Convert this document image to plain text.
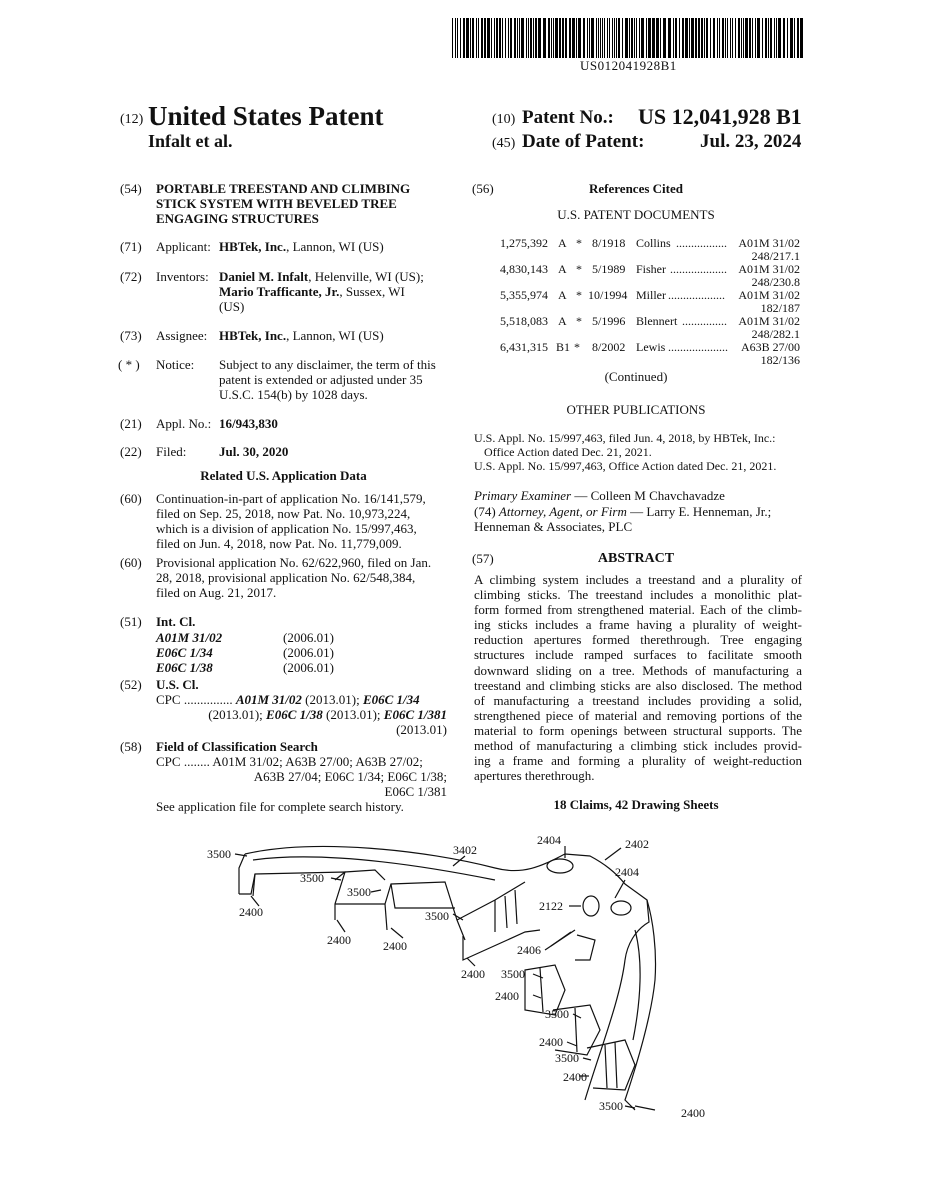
US012041928B1
(12) United States Patent
Infalt et al.
(10) Patent No.: US 12,041,928 B1
(45) Date of Patent:	Jul. 23, 2024
(54) PORTABLE TREESTAND AND CLIMBING
STICK SYSTEM WITH BEVELED TREE
ENGAGING STRUCTURES
(71) Applicant: HBTek, Inc., Lannon, WI (US)
(72) Inventors: Daniel M. Infalt, Helenville, WI (US);
Mario Trafficante, Jr., Sussex, WI
(US)
(73) Assignee: HBTek, Inc., Lannon, WI (US)
( * ) Notice: Subject to any disclaimer, the term of this
patent is extended or adjusted under 35
U.S.C. 154(b) by 1028 days.
(21) Appl. No.: 16/943,830
(22) Filed:	Jul. 30, 2020
Related U.S. Application Data
(60) Continuation-in-part of application No. 16/141,579,
filed on Sep. 25, 2018, now Pat. No. 10,973,224,
which is a division of application No. 15/997,463,
filed on Jun. 4, 2018, now Pat. No. 11,779,009.
(60) Provisional application No. 62/622,960, filed on Jan.
28, 2018, provisional application No. 62/548,384,
filed on Aug. 21, 2017.
(51) Int. Cl.
A01M 31/02	(2006.01)
E06C 1/34	(2006.01)
E06C 1/38	(2006.01)
(52) U.S. Cl.
CPC ............... A01M 31/02 (2013.01); E06C 1/34
(2013.01); E06C 1/38 (2013.01); E06C 1/381
(2013.01)
(58) Field of Classification Search
CPC ........ A01M 31/02; A63B 27/00; A63B 27/02;
A63B 27/04; E06C 1/34; E06C 1/38;
E06C 1/381
See application file for complete search history.
(56)	References Cited
U.S. PATENT DOCUMENTS
1,275,392 A * 8/1918 Collins ................. A01M 31/02
248/217.1
4,830,143 A * 5/1989 Fisher ................... A01M 31/02
248/230.8
5,355,974 A * 10/1994 Miller ................... A01M 31/02
182/187
5,518,083 A * 5/1996 Blennert ............... A01M 31/02
248/282.1
6,431,315 B1 * 8/2002 Lewis .................... A63B 27/00
182/136
(Continued)
OTHER PUBLICATIONS
U.S. Appl. No. 15/997,463, filed Jun. 4, 2018, by HBTek, Inc.:
Office Action dated Dec. 21, 2021.
U.S. Appl. No. 15/997,463, Office Action dated Dec. 21, 2021.
Primary Examiner — Colleen M Chavchavadze
(74) Attorney, Agent, or Firm — Larry E. Henneman, Jr.;
Henneman & Associates, PLC
(57)	ABSTRACT
A climbing system includes a treestand and a plurality of
climbing sticks. The treestand includes a monolithic plat-
form formed from strengthened material. Each of the climb-
ing sticks includes a frame having a plurality of weight-
reduction apertures formed therethrough. Tree engaging
structures include ramped surfaces to facilitate smooth
downward sliding on a tree. Methods of manufacturing a
treestand and climbing sticks are also disclosed. The method
of manufacturing a treestand includes providing a solid,
strengthened piece of material and removing portions of the
material to form openings between structural supports. The
method of manufacturing a climbing stick includes provid-
ing a frame and forming a plurality of weight-reduction
apertures therethrough.
18 Claims, 42 Drawing Sheets
3500	3402
2404	2402
2404
3500
3500
2122
2400	3500
2400	2400	2406
2400 3500
2400
3500
2400
3500
2400
3500	2400
